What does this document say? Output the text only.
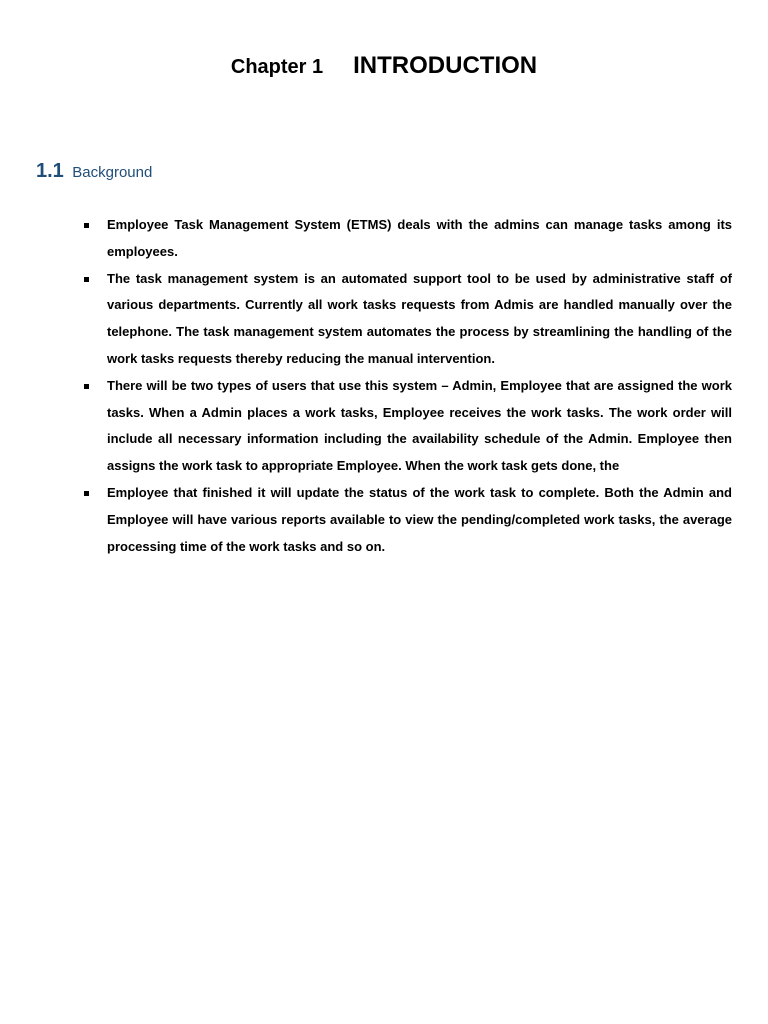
Chapter 1 INTRODUCTION
1.1 Background
Employee Task Management System (ETMS) deals with the admins can manage tasks among its employees.
The task management system is an automated support tool to be used by administrative staff of various departments. Currently all work tasks requests from Admis are handled manually over the telephone. The task management system automates the process by streamlining the handling of the work tasks requests thereby reducing the manual intervention.
There will be two types of users that use this system – Admin, Employee that are assigned the work tasks. When a Admin places a work tasks, Employee receives the work tasks. The work order will include all necessary information including the availability schedule of the Admin. Employee then assigns the work task to appropriate Employee. When the work task gets done, the
Employee that finished it will update the status of the work task to complete. Both the Admin and Employee will have various reports available to view the pending/completed work tasks, the average processing time of the work tasks and so on.
